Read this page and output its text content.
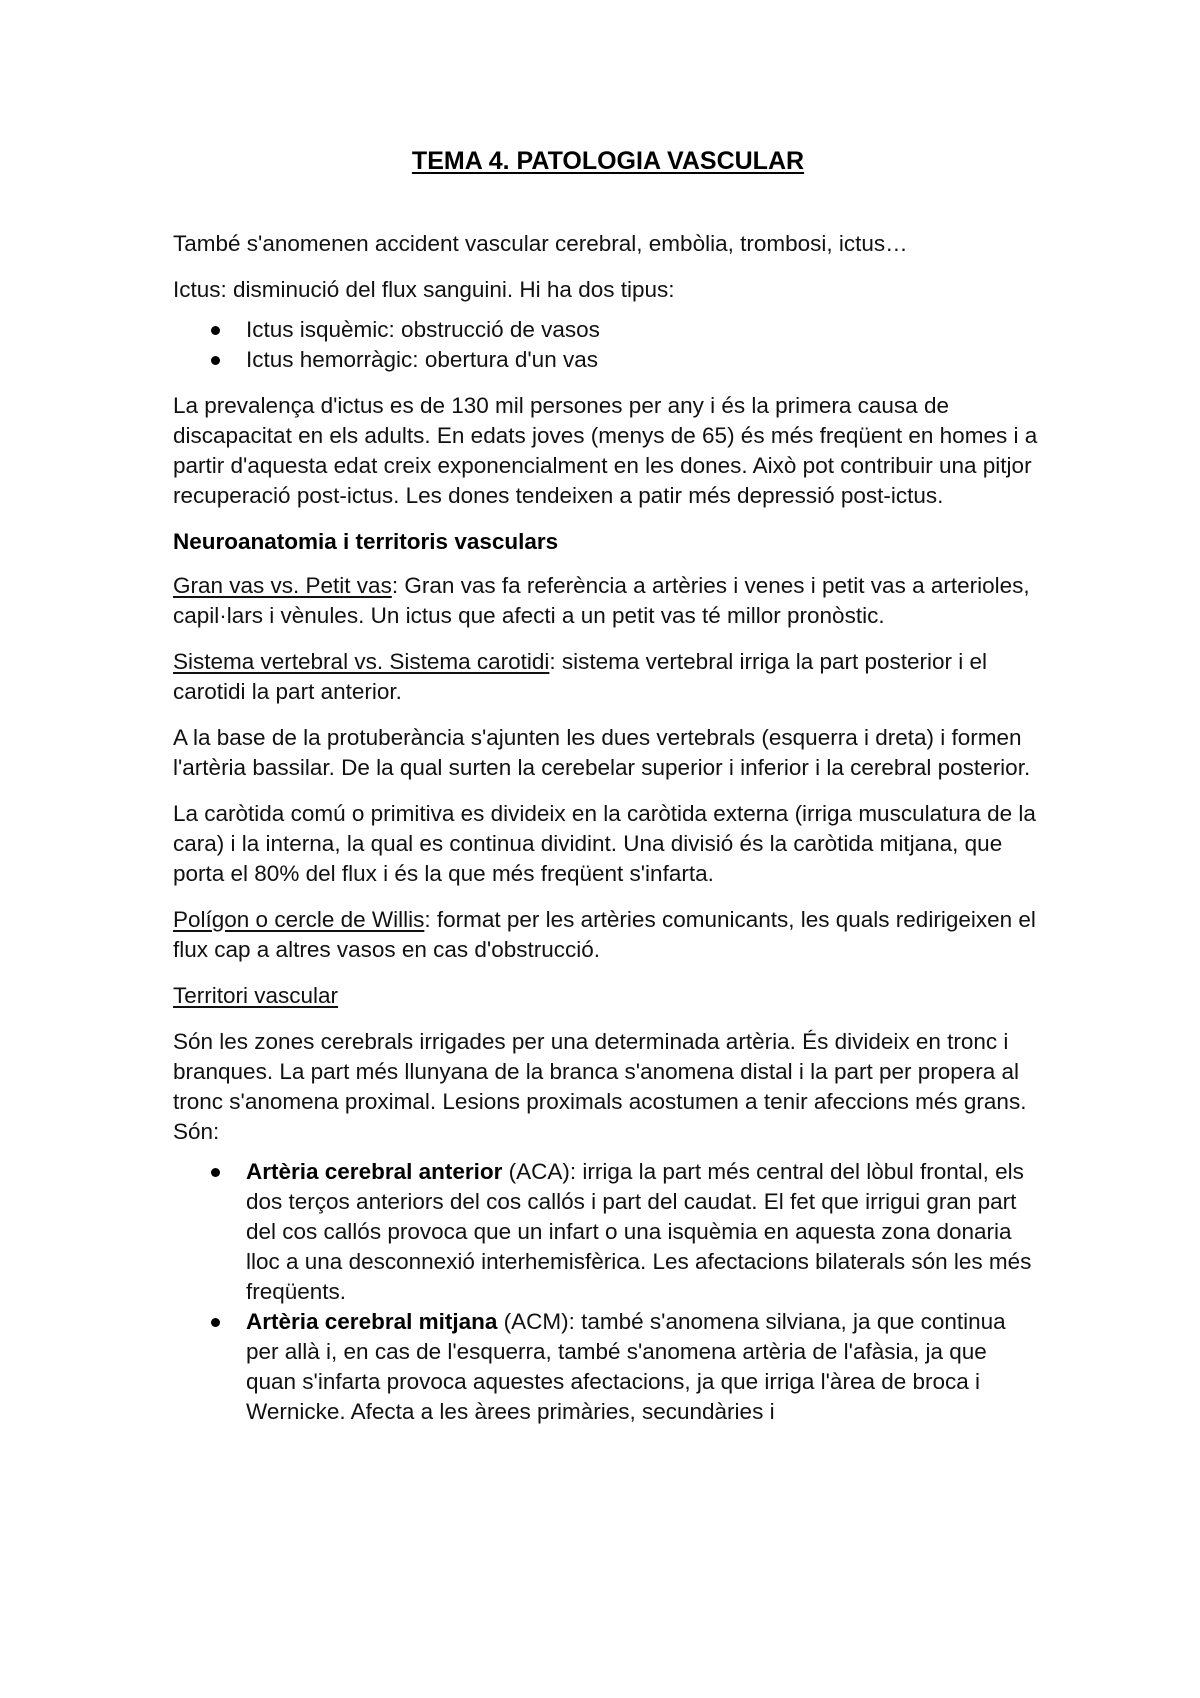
TEMA 4. PATOLOGIA VASCULAR

També s'anomenen accident vascular cerebral, embòlia, trombosi, ictus…

Ictus: disminució del flux sanguini. Hi ha dos tipus:

Ictus isquèmic: obstrucció de vasos
Ictus hemorràgic: obertura d'un vas

La prevalença d'ictus es de 130 mil persones per any i és la primera causa de discapacitat en els adults. En edats joves (menys de 65) és més freqüent en homes i a partir d'aquesta edat creix exponencialment en les dones. Això pot contribuir una pitjor recuperació post-ictus. Les dones tendeixen a patir més depressió post-ictus.

Neuroanatomia i territoris vasculars

Gran vas vs. Petit vas: Gran vas fa referència a artèries i venes i petit vas a arterioles, capil·lars i vènules. Un ictus que afecti a un petit vas té millor pronòstic.

Sistema vertebral vs. Sistema carotidi: sistema vertebral irriga la part posterior i el carotidi la part anterior.

A la base de la protuberància s'ajunten les dues vertebrals (esquerra i dreta) i formen l'artèria bassilar. De la qual surten la cerebelar superior i inferior i la cerebral posterior.

La caròtida comú o primitiva es divideix en la caròtida externa (irriga musculatura de la cara) i la interna, la qual es continua dividint. Una divisió és la caròtida mitjana, que porta el 80% del flux i és la que més freqüent s'infarta.

Polígon o cercle de Willis: format per les artèries comunicants, les quals redirigeixen el flux cap a altres vasos en cas d'obstrucció.

Territori vascular

Són les zones cerebrals irrigades per una determinada artèria. És divideix en tronc i branques. La part més llunyana de la branca s'anomena distal i la part per propera al tronc s'anomena proximal. Lesions proximals acostumen a tenir afeccions més grans. Són:

Artèria cerebral anterior (ACA): irriga la part més central del lòbul frontal, els dos terços anteriors del cos callós i part del caudat. El fet que irrigui gran part del cos callós provoca que un infart o una isquèmia en aquesta zona donaria lloc a una desconnexió interhemisfèrica. Les afectacions bilaterals són les més freqüents.
Artèria cerebral mitjana (ACM): també s'anomena silviana, ja que continua per allà i, en cas de l'esquerra, també s'anomena artèria de l'afàsia, ja que quan s'infarta provoca aquestes afectacions, ja que irriga l'àrea de broca i Wernicke. Afecta a les àrees primàries, secundàries i
